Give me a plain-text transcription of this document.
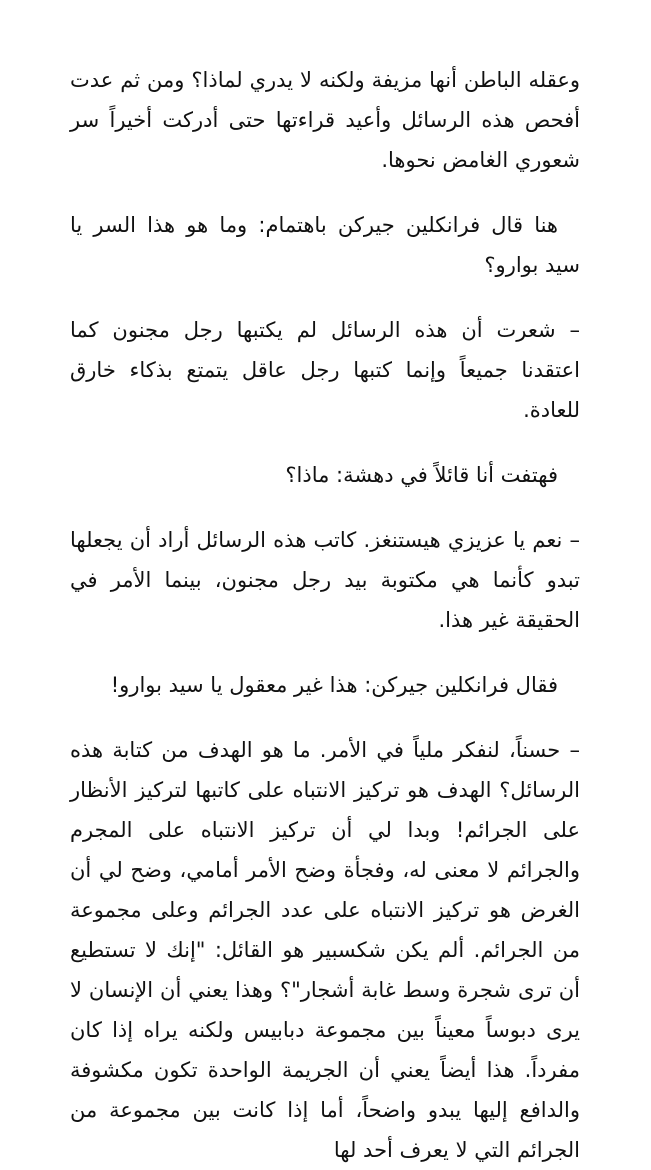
وعقله الباطن أنها مزيفة ولكنه لا يدري لماذا؟ ومن ثم عدت أفحص هذه الرسائل وأعيد قراءتها حتى أدركت أخيراً سر شعوري الغامض نحوها.

هنا قال فرانكلين جيركن باهتمام: وما هو هذا السر يا سيد بوارو؟

– شعرت أن هذه الرسائل لم يكتبها رجل مجنون كما اعتقدنا جميعاً وإنما كتبها رجل عاقل يتمتع بذكاء خارق للعادة.

فهتفت أنا قائلاً في دهشة: ماذا؟

– نعم يا عزيزي هيستنغز. كاتب هذه الرسائل أراد أن يجعلها تبدو كأنما هي مكتوبة بيد رجل مجنون، بينما الأمر في الحقيقة غير هذا.

فقال فرانكلين جيركن: هذا غير معقول يا سيد بوارو!

– حسناً، لنفكر ملياً في الأمر. ما هو الهدف من كتابة هذه الرسائل؟ الهدف هو تركيز الانتباه على كاتبها لتركيز الأنظار على الجرائم! وبدا لي أن تركيز الانتباه على المجرم والجرائم لا معنى له، وفجأة وضح الأمر أمامي، وضح لي أن الغرض هو تركيز الانتباه على عدد الجرائم وعلى مجموعة من الجرائم. ألم يكن شكسبير هو القائل: "إنك لا تستطيع أن ترى شجرة وسط غابة أشجار"؟ وهذا يعني أن الإنسان لا يرى دبوساً معيناً بين مجموعة دبابيس ولكنه يراه إذا كان مفرداً. هذا أيضاً يعني أن الجريمة الواحدة تكون مكشوفة والدافع إليها يبدو واضحاً، أما إذا كانت بين مجموعة من الجرائم التي لا يعرف أحد لها
